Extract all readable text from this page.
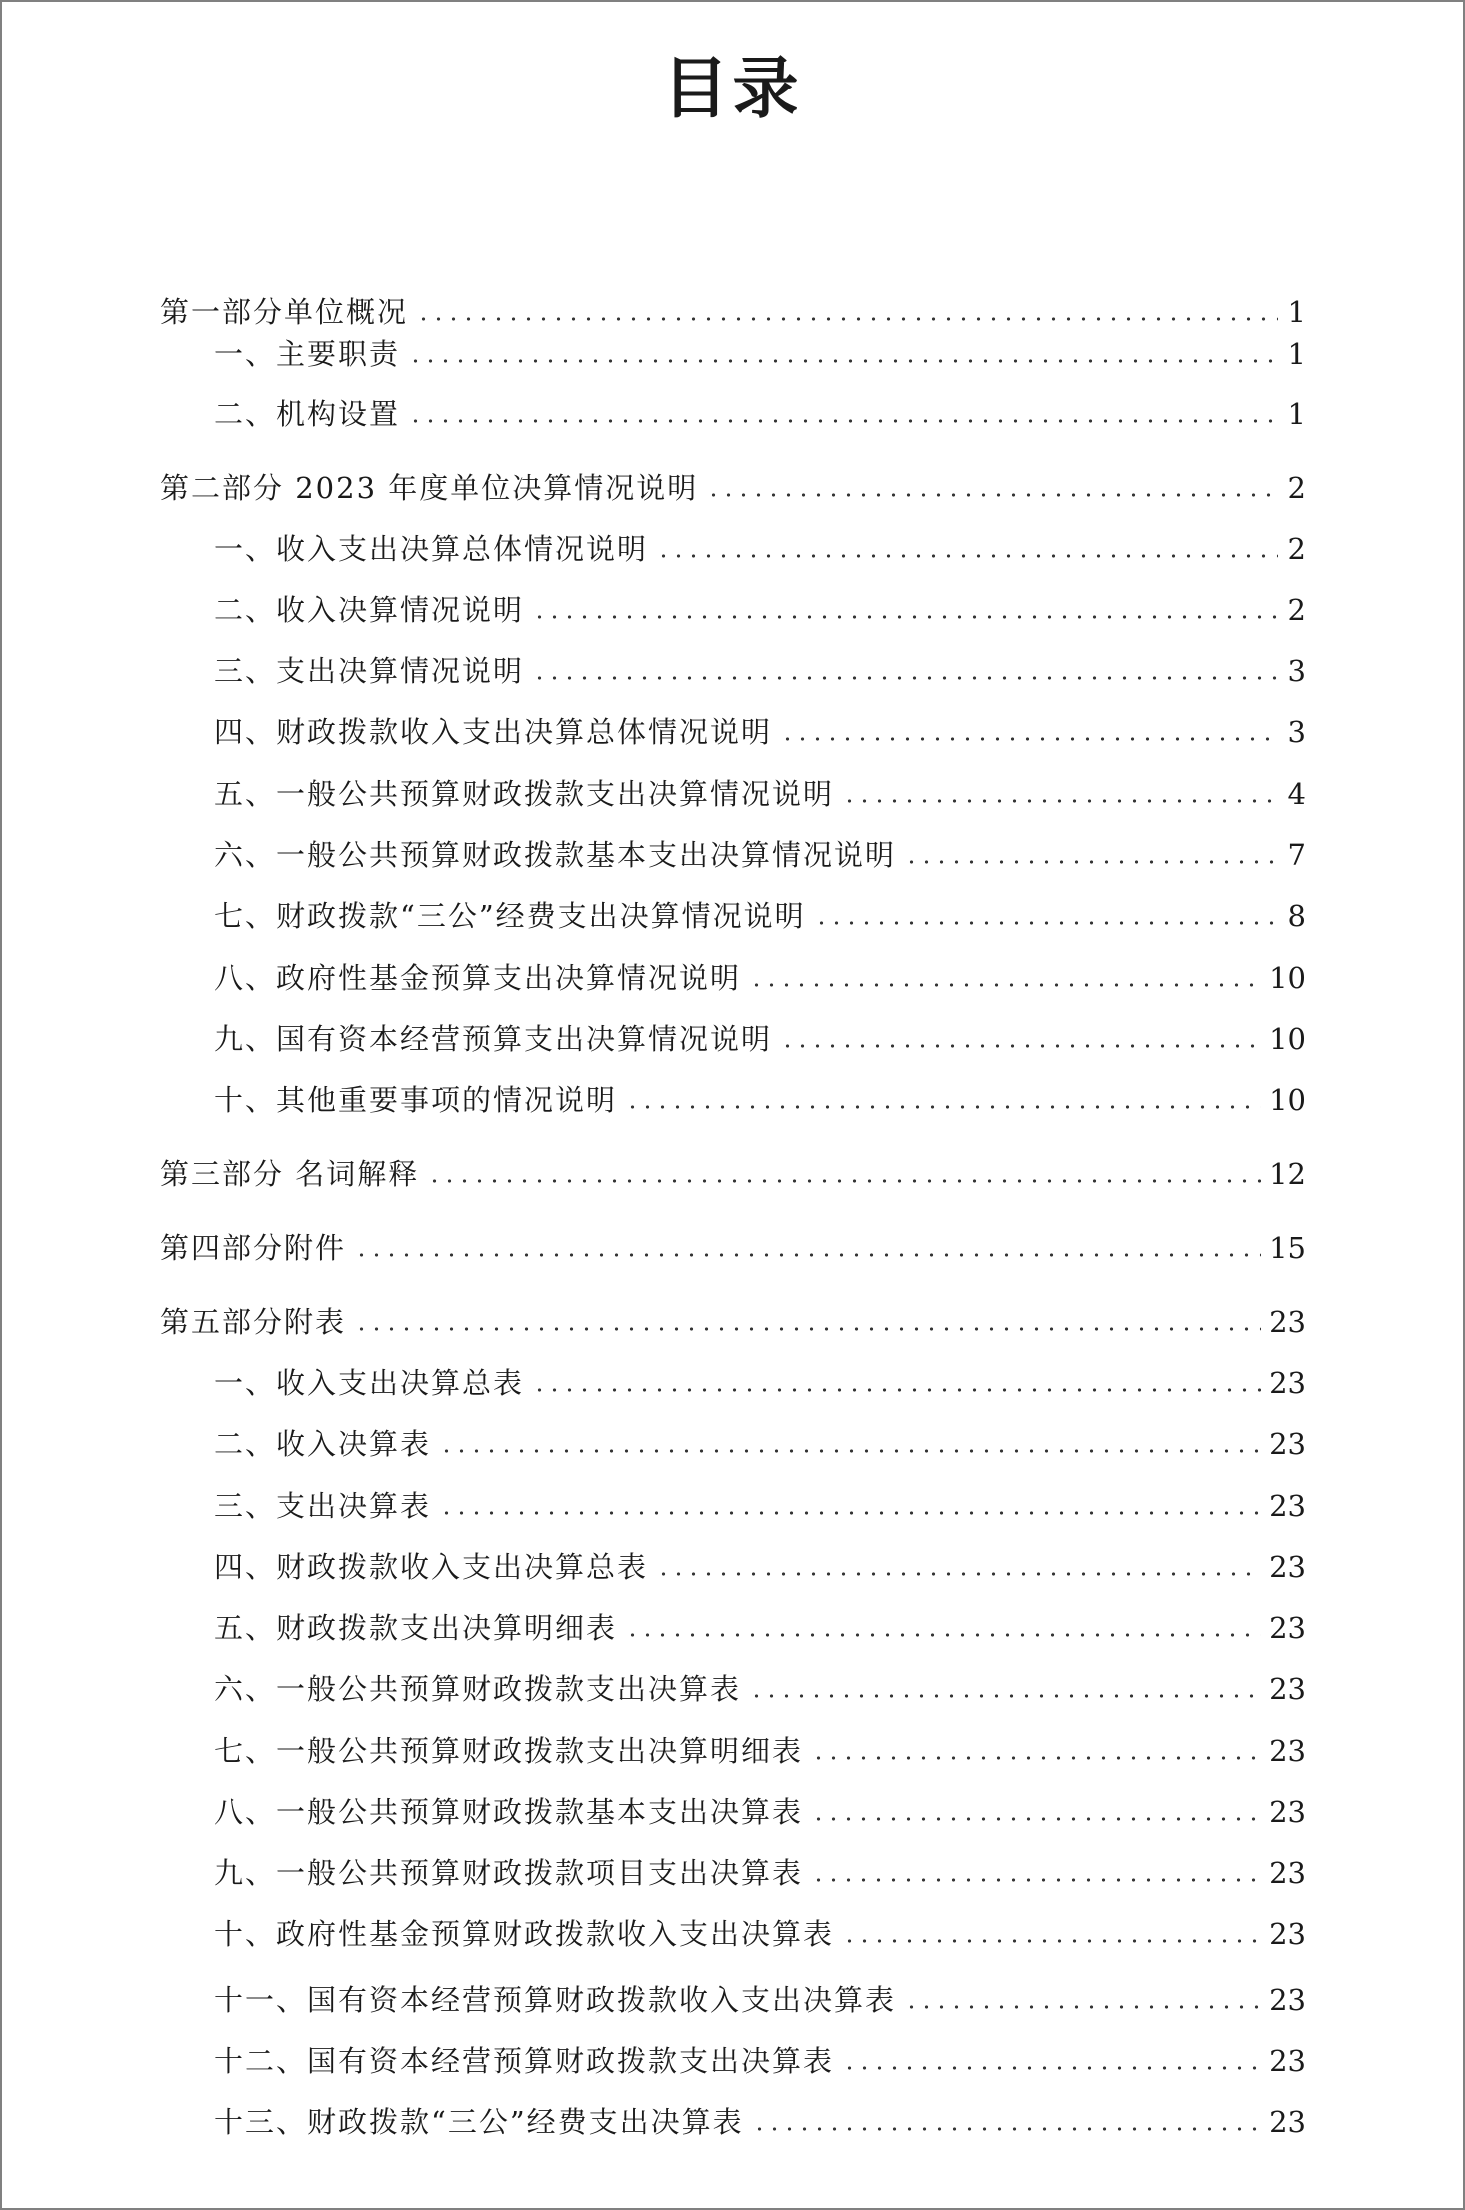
目录
第一部分单位概况	1
一、主要职责	1
二、机构设置	1
第二部分 2023 年度单位决算情况说明	2
一、收入支出决算总体情况说明	2
二、收入决算情况说明	2
三、支出决算情况说明	3
四、财政拨款收入支出决算总体情况说明	3
五、一般公共预算财政拨款支出决算情况说明	4
六、一般公共预算财政拨款基本支出决算情况说明	7
七、财政拨款“三公”经费支出决算情况说明	8
八、政府性基金预算支出决算情况说明	10
九、国有资本经营预算支出决算情况说明	10
十、其他重要事项的情况说明	10
第三部分 名词解释	12
第四部分附件	15
第五部分附表	23
一、收入支出决算总表	23
二、收入决算表	23
三、支出决算表	23
四、财政拨款收入支出决算总表	23
五、财政拨款支出决算明细表	23
六、一般公共预算财政拨款支出决算表	23
七、一般公共预算财政拨款支出决算明细表	23
八、一般公共预算财政拨款基本支出决算表	23
九、一般公共预算财政拨款项目支出决算表	23
十、政府性基金预算财政拨款收入支出决算表	23
十一、国有资本经营预算财政拨款收入支出决算表	23
十二、国有资本经营预算财政拨款支出决算表	23
十三、财政拨款“三公”经费支出决算表	23
